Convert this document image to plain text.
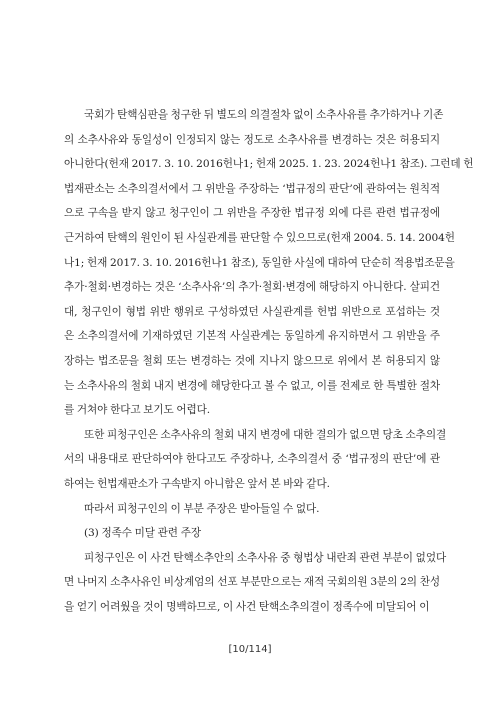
국회가 탄핵심판을 청구한 뒤 별도의 의결절차 없이 소추사유를 추가하거나 기존
의 소추사유와 동일성이 인정되지 않는 정도로 소추사유를 변경하는 것은 허용되지
아니한다(헌재 2017. 3. 10. 2016헌나1; 헌재 2025. 1. 23. 2024헌나1 참조). 그런데 헌
법재판소는 소추의결서에서 그 위반을 주장하는 ‘법규정의 판단’에 관하여는 원칙적
으로 구속을 받지 않고 청구인이 그 위반을 주장한 법규정 외에 다른 관련 법규정에
근거하여 탄핵의 원인이 된 사실관계를 판단할 수 있으므로(헌재 2004. 5. 14. 2004헌
나1; 헌재 2017. 3. 10. 2016헌나1 참조), 동일한 사실에 대하여 단순히 적용법조문을
추가·철회·변경하는 것은 ‘소추사유’의 추가·철회·변경에 해당하지 아니한다. 살피건
대, 청구인이 형법 위반 행위로 구성하였던 사실관계를 헌법 위반으로 포섭하는 것
은 소추의결서에 기재하였던 기본적 사실관계는 동일하게 유지하면서 그 위반을 주
장하는 법조문을 철회 또는 변경하는 것에 지나지 않으므로 위에서 본 허용되지 않
는 소추사유의 철회 내지 변경에 해당한다고 볼 수 없고, 이를 전제로 한 특별한 절차
를 거쳐야 한다고 보기도 어렵다.
또한 피청구인은 소추사유의 철회 내지 변경에 대한 결의가 없으면 당초 소추의결
서의 내용대로 판단하여야 한다고도 주장하나, 소추의결서 중 ‘법규정의 판단’에 관
하여는 헌법재판소가 구속받지 아니함은 앞서 본 바와 같다.
따라서 피청구인의 이 부분 주장은 받아들일 수 없다.
(3) 정족수 미달 관련 주장
피청구인은 이 사건 탄핵소추안의 소추사유 중 형법상 내란죄 관련 부분이 없었다
면 나머지 소추사유인 비상계엄의 선포 부분만으로는 재적 국회의원 3분의 2의 찬성
을 얻기 어려웠을 것이 명백하므로, 이 사건 탄핵소추의결이 정족수에 미달되어 이
[10/114]
